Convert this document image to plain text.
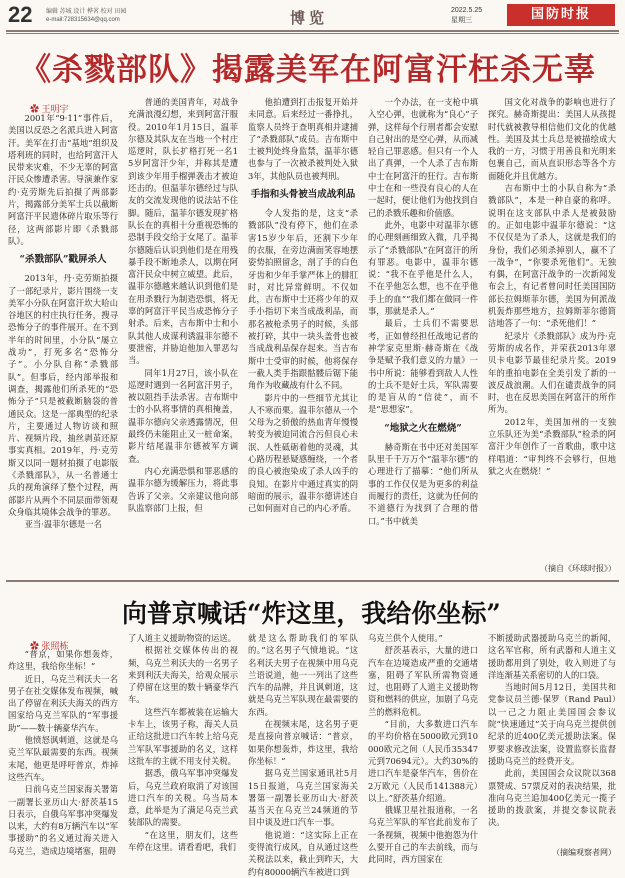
22 编辑 苏城 设计 桦茗 校对 田园
e-mail:728315634@qq.com	博览	2022.5.25
星期三	国防时报
《杀戮部队》揭露美军在阿富汗枉杀无辜
✿ 王明宇

2001年“9·11”事件后，美国以反恐之名派兵进入阿富汗。美军在打击“基地”组织及塔利班的同时，也给阿富汗人民带来灾难，不少无辜的阿富汗民众惨遭杀害。导演兼作家约·克劳斯先后拍摄了两部影片，揭露部分美军士兵以截断阿富汗平民遗体碎片取乐等行径，这两部影片即《杀戮部队》。

“杀戮部队”戳屏杀人

2013年，丹·克劳斯拍摄了一部纪录片，影片围绕一支美军小分队在阿富汗坎大哈山谷地区的村庄执行任务，搜寻恐怖分子的事件展开。在不到半年的时间里，小分队“屡立战功”，打死多名“恐怖分子”。小分队自称“杀戮部队”。但事后，经内部举报和调查，揭露他们所杀死的“恐怖分子”只是被截断脑袋的普通民众。这是一部典型的纪录片，主要通过人物访谈和照片、视频片段，抽丝剥茧还原事实真相。2019年，丹·克劳斯又以同一题材拍摄了电影版《杀戮部队》，从一名普通士兵的视角演绎了整个过程，两部影片从两个不同层面带领观众身临其境体会战争的罪恶。

亚当·温菲尔德是一名

普通的美国青年，对战争充满浪漫幻想，来到阿富汗服役。2010年1月15日，温菲尔德及其队友在当地一个村庄巡逻时，队长扩格打死一名15岁阿富汗少年，并称其是遭到该少年用手榴弹袭击才被迫还击的。但温菲尔德经过与队友的交流发现他的说法站不住脚。随后，温菲尔德发现扩格队长在的真相十分重视恐怖的恐制手段交给于女尾了。温菲尔德随后认识到他们是在用残暴手段不断地杀人，以期在阿富汗民众中树立威望。此后，温菲尔德越来越认识到他们是在用杀戮行为制造恐惧，将无辜的阿富汗平民当成恐怖分子射杀。后来，吉布斯中士和小队其他人成谋利诱温菲尔德不要泄密，并胁迫他加入罪恶勾当。

同年1月27日，该小队在巡逻时遇到一名阿富汗男子，被以阻挡手法杀害。吉布斯中士的小队将事情的真相掩盖，温菲尔德向父亲透露情况，但最终仍未能阻止又一桩命案，影片结尾温菲尔德被军方调查。

内心充满恐惧和罪恶感的温菲尔德为缓解压力，将此事告诉了父亲。父亲建议他向部队监察部门上报，但

他拍遭到打击报复开始并未同意。后来经过一番挣扎，监察人员终于查明真相并逮捕了“杀戮部队”成员。吉布斯中士被判处终身监禁，温菲尔德也参与了一次被杀被判处入狱3年，其他队员也被判刑。

手指和头骨被当成战利品

令人发指的是，这支“杀戮部队”没有停下，他们在杀害15岁少年后，还割下少年的衣服，在旁边满面笑容地摆姿势拍照留念，剖了手的白色牙齿和少年手掌严体上的腓肛时，对比异常鲜明。不仅如此，吉布斯中士还将少年的双手小指切下来当成战利品，而那名被枪杀男子的时候，头部被打碎，其中一块头盖骨也被当成战利品保存起来。当吉布斯中士受审的时候，他将保存一截人类手指跟骷髅后锯下能角作为收藏战有什么不同。

影片中的一些细节尤其让人不寒而栗。温菲尔德从一个父母为之骄傲的热血青年慢慢转变为被迫同流合污但良心未泯、人性砥砺着他的灵魂，其心路历程悬疑感缠绕，一个者的良心被泡染成了杀人凶手的良知。在影片中通过真实的阴暗面的展示，温菲尔德讲述自己如何面对自己的内心矛盾。

一个办法，在一支枪中填入空心弹，也就称为“良心”子弹，这样每个行刑者都会安慰自己射出的是空心弹，从而减轻自己罪恶感。但只有一个人出了真弹，一个人杀了吉布斯中士在阿富汗的狂行。吉布斯中士在和一些没有良心的人在一起时，便让他们为他找到自己的杀戮乐趣和价值感。

此外，电影中对温菲尔德的心理刻画细致入微，几乎揭示了“杀戮部队”在阿富汗的所有罪恶。电影中，温菲尔德说：“我不在乎他是什么人，不在乎他怎么想，也不在乎他手上的血”“我们都在做同一件事，那就是杀人。”

最后，士兵们不需要思考，正如曾经担任战地记者的神学家克里斯·赫奇斯在《战争是赋予我们意义的力量》一书中所说：能够看到敌人人性的士兵不是好士兵，军队需要的是盲从的“信徒”，而不是“思想家”。

“地狱之火在燃烧”

赫奇斯在书中还对美国军队里千千万万个“温菲尔德”的心理进行了描摹：“他们所从事的工作仅仅是为更多的利益而履行的责任，这就为任何的不道德行为找到了合理的借口。”书中就美

国文化对战争的影响也进行了探究。赫奇斯提出：美国人从孩提时代就被教导相信他们文化的优越性。美国及其士兵总是被描绘成大我的一方，习惯于用善良和光明来包裹自己，而从直识形态等各个方面随化并且优越方。

吉布斯中士的小队自称为“杀戮部队”，本是一种自豪的称呼。说明在这支部队中杀人是被鼓励的。正如电影中温菲尔德说：“这不仅仅是为了杀人，这就是我们的身份，我们必须杀掉别人，赢不了一战争”，“你要杀死他们”。无独有偶，在阿富汗战争的一次新闻发布会上，有记者曾问时任美国国防部长拉姆斯菲尔德，美国为何派战机轰炸那些地方，拉姆斯菲尔德简洁地答了一句：“杀死他们！”

纪录片《杀戮部队》成为丹·克劳斯的成名作，并荣获2013年翠贝卡电影节最佳纪录片奖。2019年的重拍电影在全美引发了新的一波反战浪潮。人们在谴责战争的同时，也在反思美国在阿富汗的所作所为。

2012年，美国加州的一支独立乐队还为美“杀戮部队”检杀的阿富汗少年创作了一首歌曲，歌中这样唱道：“审判终不会够行，但地狱之火在燃烧！”

（摘自《环球时报》）
向普京喊话“炸这里，我给你坐标”
✿ 张照栋

“普京，如果你想轰炸，炸这里，我给你坐标！”

近日，乌克兰利沃夫一名男子在社交媒体发布视频，喊出了停留在利沃夫海关的西方国家给乌克兰军队的“军事援助”——数十辆豪华汽车。

他愤怒讽刺道，这就是乌克兰军队最需要的东西。视频末尾，他更是呼吁普京，炸掉这些汽车。

日前乌克兰国家海关署第一副署长亚历山大·舒茨基15日表示，自俄乌军事冲突爆发以来，大约有8万辆汽车以“军事援助”的名义通过海关进入乌克兰，造成边境堵塞，阻碍

了人道主义援助物资的运送。

根据社交媒体传出的视频，乌克兰利沃夫的一名男子来到利沃夫海关，给观众展示了停留在这里的数十辆豪华汽车。

这些汽车都被装在运输大卡车上，该男子称，海关人员正给这批进口汽车转上给乌克兰军队军事援助的名义，这样这批车的主就不用支付关税。

据悉，俄乌军事冲突爆发后，乌克兰政府取消了对该国进口汽车的关税。乌当局本意，此举是为了满足乌克兰武装部队的需要。

“在这里，朋友们，这些车停在这里。请看看吧，我们

就是这么帮助我们的军队的。”这名男子气愤地说。“这名利沃夫男子在视频中用乌克兰语说道，他一一列出了这些汽车的品牌，并且讽刺道，这就是乌克兰军队现在最需要的东西。

在视频末尾，这名男子更是直接向普京喊话：“普京，如果你想轰炸，炸这里，我给你坐标！”

据乌克兰国家通讯社5月15日报道，乌克兰国家海关署第一副署长亚历山大·舒茨基当天在乌克兰24频道的节目中谈及进口汽车一事。

他说道：“这实际上正在变得流行成风，自从通过这些关税法以来，截止到昨天，大约有80000辆汽车被进口到

乌克兰供个人使用。”

舒茨基表示，大量的进口汽车在边境造成严重的交通堵塞，阻碍了军队所需物资通过，也阻碍了人道主义援助物资和燃料的供应，加剧了乌克兰的燃料危机。

“目前，大多数进口汽车的平均价格在5000欧元到10000欧元之间（人民币35347元到70694元）。大约30%的进口汽车是豪华汽车，售价在2万欧元（人民币141388元）以上。”舒茨基介绍道。

俄媒卫星社报道称，一名乌克兰军队的军官此前发布了一条视频，视频中他抱怨为什么要开自己的车去前线，而与此同时，西方国家在

不断援助武器援助乌克兰的新闻，这名军官称，所有武器和人道主义援助都用到了别处，收入则进了与洋连渐基关系密切的人的口袋。

当地时间5月12日，美国共和党参议员兰德·保罗（Rand Paul）以一己之力阻止美国国会参议院“快速通过”关于向乌克兰提供创纪录的近400亿美元援助法案。保罗要求修改法案，设置监察长监督援助乌克兰的经费开支。

此前，美国国会众议院以368票赞成、57票反对的表决结果，批准向乌克兰追加400亿美元一揽子援助的拨款案，并提交参议院表决。

（摘编观察者网）
